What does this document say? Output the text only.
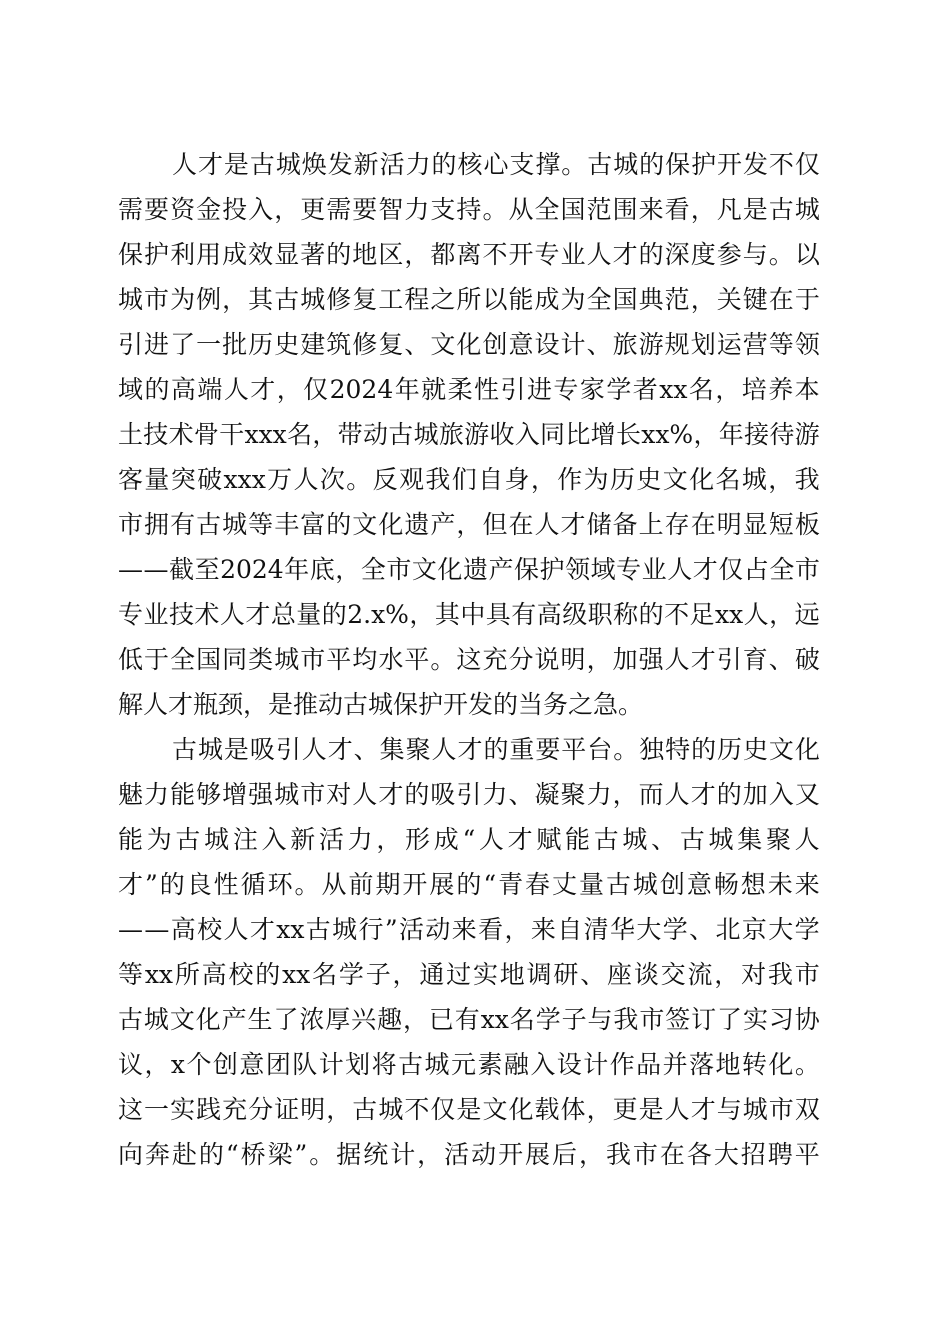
人 才 是 古 城 焕 发 新 活 力 的 核 心 支 撑 。 古 城 的 保 护 开 发 不 仅
需 要 资 金 投 入 ， 更 需 要 智 力 支 持 。 从 全 国 范 围 来 看 ， 凡 是 古 城
保 护 利 用 成 效 显 著 的 地 区 ， 都 离 不 开 专 业 人 才 的 深 度 参 与 。 以
城 市 为 例 ， 其 古 城 修 复 工 程 之 所 以 能 成 为 全 国 典 范 ， 关 键 在 于
引 进 了 一 批 历 史 建 筑 修 复 、 文 化 创 意 设 计 、 旅 游 规 划 运 营 等 领
域 的 高 端 人 才 ， 仅 2024 年 就 柔 性 引 进 专 家 学 者 xx 名 ， 培 养 本
土 技 术 骨 干 xxx 名 ， 带 动 古 城 旅 游 收 入 同 比 增 长 xx% ， 年 接 待 游
客 量 突 破 xxx 万 人 次 。 反 观 我 们 自 身 ， 作 为 历 史 文 化 名 城 ， 我
市 拥 有 古 城 等 丰 富 的 文 化 遗 产 ， 但 在 人 才 储 备 上 存 在 明 显 短 板
— — 截 至 2024 年 底 ， 全 市 文 化 遗 产 保 护 领 域 专 业 人 才 仅 占 全 市
专 业 技 术 人 才 总 量 的 2.x% ， 其 中 具 有 高 级 职 称 的 不 足 xx 人 ， 远
低 于 全 国 同 类 城 市 平 均 水 平 。 这 充 分 说 明 ， 加 强 人 才 引 育 、 破
解人才瓶颈，是推动古城保护开发的当务之急。
古 城 是 吸 引 人 才 、 集 聚 人 才 的 重 要 平 台 。 独 特 的 历 史 文 化
魅 力 能 够 增 强 城 市 对 人 才 的 吸 引 力 、 凝 聚 力 ， 而 人 才 的 加 入 又
能 为 古 城 注 入 新 活 力 ， 形 成 “ 人 才 赋 能 古 城 、 古 城 集 聚 人
才 ” 的 良 性 循 环 。 从 前 期 开 展 的 “ 青 春 丈 量 古 城 创 意 畅 想 未 来
— — 高 校 人 才 xx 古 城 行 ” 活 动 来 看 ， 来 自 清 华 大 学 、 北 京 大 学
等 xx 所 高 校 的 xx 名 学 子 ， 通 过 实 地 调 研 、 座 谈 交 流 ， 对 我 市
古 城 文 化 产 生 了 浓 厚 兴 趣 ， 已 有 xx 名 学 子 与 我 市 签 订 了 实 习 协
议 ， x 个 创 意 团 队 计 划 将 古 城 元 素 融 入 设 计 作 品 并 落 地 转 化 。
这 一 实 践 充 分 证 明 ， 古 城 不 仅 是 文 化 载 体 ， 更 是 人 才 与 城 市 双
向 奔 赴 的 “ 桥 梁 ” 。 据 统 计 ， 活 动 开 展 后 ， 我 市 在 各 大 招 聘 平
